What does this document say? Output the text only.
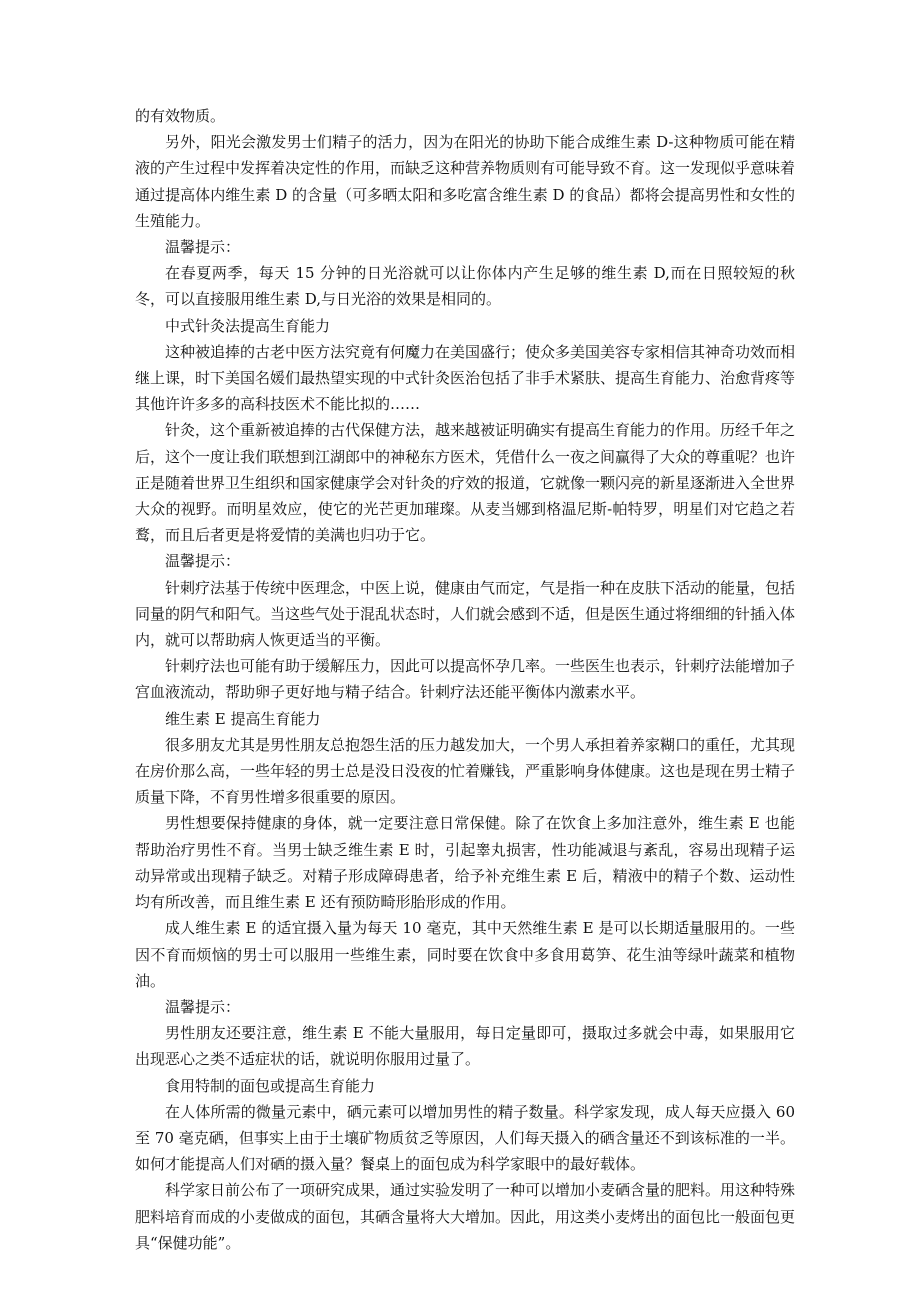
的有效物质。

另外，阳光会激发男士们精子的活力，因为在阳光的协助下能合成维生素 D-这种物质可能在精液的产生过程中发挥着决定性的作用，而缺乏这种营养物质则有可能导致不育。这一发现似乎意味着通过提高体内维生素 D 的含量（可多晒太阳和多吃富含维生素 D 的食品）都将会提高男性和女性的生殖能力。

温馨提示：

在春夏两季，每天 15 分钟的日光浴就可以让你体内产生足够的维生素 D,而在日照较短的秋冬，可以直接服用维生素 D,与日光浴的效果是相同的。

中式针灸法提高生育能力

这种被追捧的古老中医方法究竟有何魔力在美国盛行；使众多美国美容专家相信其神奇功效而相继上课，时下美国名媛们最热望实现的中式针灸医治包括了非手术紧肤、提高生育能力、治愈背疼等其他许许多多的高科技医术不能比拟的……

针灸，这个重新被追捧的古代保健方法，越来越被证明确实有提高生育能力的作用。历经千年之后，这个一度让我们联想到江湖郎中的神秘东方医术，凭借什么一夜之间赢得了大众的尊重呢？也许正是随着世界卫生组织和国家健康学会对针灸的疗效的报道，它就像一颗闪亮的新星逐渐进入全世界大众的视野。而明星效应，使它的光芒更加璀璨。从麦当娜到格温尼斯-帕特罗，明星们对它趋之若鹜，而且后者更是将爱情的美满也归功于它。

温馨提示：

针刺疗法基于传统中医理念，中医上说，健康由气而定，气是指一种在皮肤下活动的能量，包括同量的阴气和阳气。当这些气处于混乱状态时，人们就会感到不适，但是医生通过将细细的针插入体内，就可以帮助病人恢更适当的平衡。

针刺疗法也可能有助于缓解压力，因此可以提高怀孕几率。一些医生也表示，针刺疗法能增加子宫血液流动，帮助卵子更好地与精子结合。针刺疗法还能平衡体内激素水平。

维生素 E 提高生育能力

很多朋友尤其是男性朋友总抱怨生活的压力越发加大，一个男人承担着养家糊口的重任，尤其现在房价那么高，一些年轻的男士总是没日没夜的忙着赚钱，严重影响身体健康。这也是现在男士精子质量下降，不育男性增多很重要的原因。

男性想要保持健康的身体，就一定要注意日常保健。除了在饮食上多加注意外，维生素 E 也能帮助治疗男性不育。当男士缺乏维生素 E 时，引起睾丸损害，性功能减退与紊乱，容易出现精子运动异常或出现精子缺乏。对精子形成障碍患者，给予补充维生素 E 后，精液中的精子个数、运动性均有所改善，而且维生素 E 还有预防畸形胎形成的作用。

成人维生素 E 的适宜摄入量为每天 10 毫克，其中天然维生素 E 是可以长期适量服用的。一些因不育而烦恼的男士可以服用一些维生素，同时要在饮食中多食用葛笋、花生油等绿叶蔬菜和植物油。

温馨提示：

男性朋友还要注意，维生素 E 不能大量服用，每日定量即可，摄取过多就会中毒，如果服用它出现恶心之类不适症状的话，就说明你服用过量了。

食用特制的面包或提高生育能力

在人体所需的微量元素中，硒元素可以增加男性的精子数量。科学家发现，成人每天应摄入 60 至 70 毫克硒，但事实上由于土壤矿物质贫乏等原因，人们每天摄入的硒含量还不到该标准的一半。如何才能提高人们对硒的摄入量？餐桌上的面包成为科学家眼中的最好载体。

科学家日前公布了一项研究成果，通过实验发明了一种可以增加小麦硒含量的肥料。用这种特殊肥料培育而成的小麦做成的面包，其硒含量将大大增加。因此，用这类小麦烤出的面包比一般面包更具“保健功能”。
